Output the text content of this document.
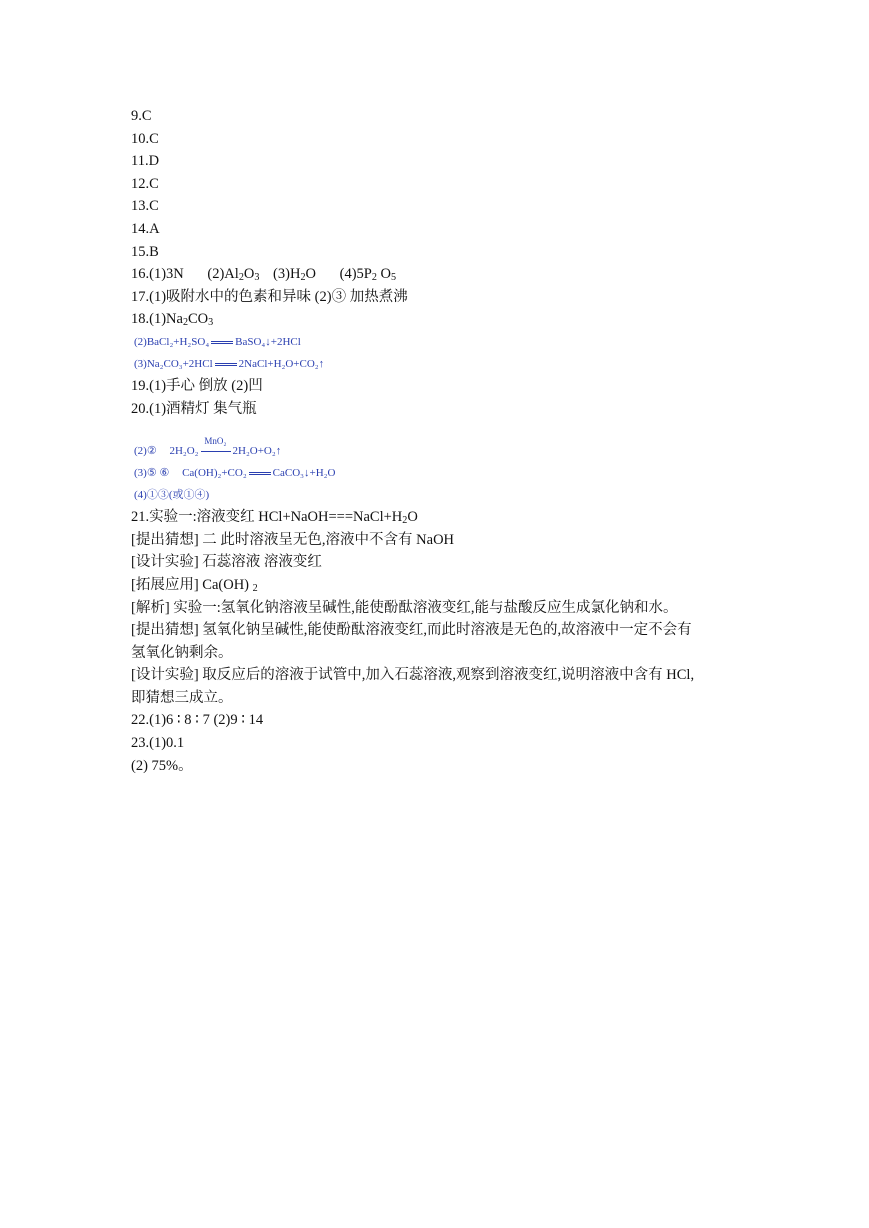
9.C
10.C
11.D
12.C
13.C
14.A
15.B
16.(1)3N $(2)Al_2O_3$ $(3)H_2O$ $(4)5P_2$ $O_5$
17.(1)吸附水中的色素和异味 (2)③ 加热煮沸
$18.(1)Na_2CO_3$
(2)BaCl₂+H₂SO₄ BaSO₄↓+2HCl
(3)Na₂CO₃+2HCl 2NaCl+H₂O+CO₂↑
19.(1)手心 倒放 (2)凹
20.(1)酒精灯 集气瓶
(2)② 2H₂O₂
MnO₂
2H₂O+O₂↑
(3)⑤ ⑥ Ca(OH)₂+CO₂ CaCO₃↓+H₂O
(4)①③(或①④)
21.实验一:溶液变红 $HCl+NaOH===NaCl+H_2O$
[提出猜想] 二 此时溶液呈无色,溶液中不含有 NaOH
[设计实验] 石蕊溶液 溶液变红
[拓展应用] Ca(OH) $_2$
[解析] 实验一:氢氧化钠溶液呈碱性,能使酚酞溶液变红,能与盐酸反应生成氯化钠和水。
[提出猜想] 氢氧化钠呈碱性,能使酚酞溶液变红,而此时溶液是无色的,故溶液中一定不会有
氢氧化钠剩余。
[设计实验] 取反应后的溶液于试管中,加入石蕊溶液,观察到溶液变红,说明溶液中含有 HCl,
即猜想三成立。
22.(1)6 ∶ 8 ∶ 7 (2)9 ∶ 14
23.(1)0.1
(2) 75%。
